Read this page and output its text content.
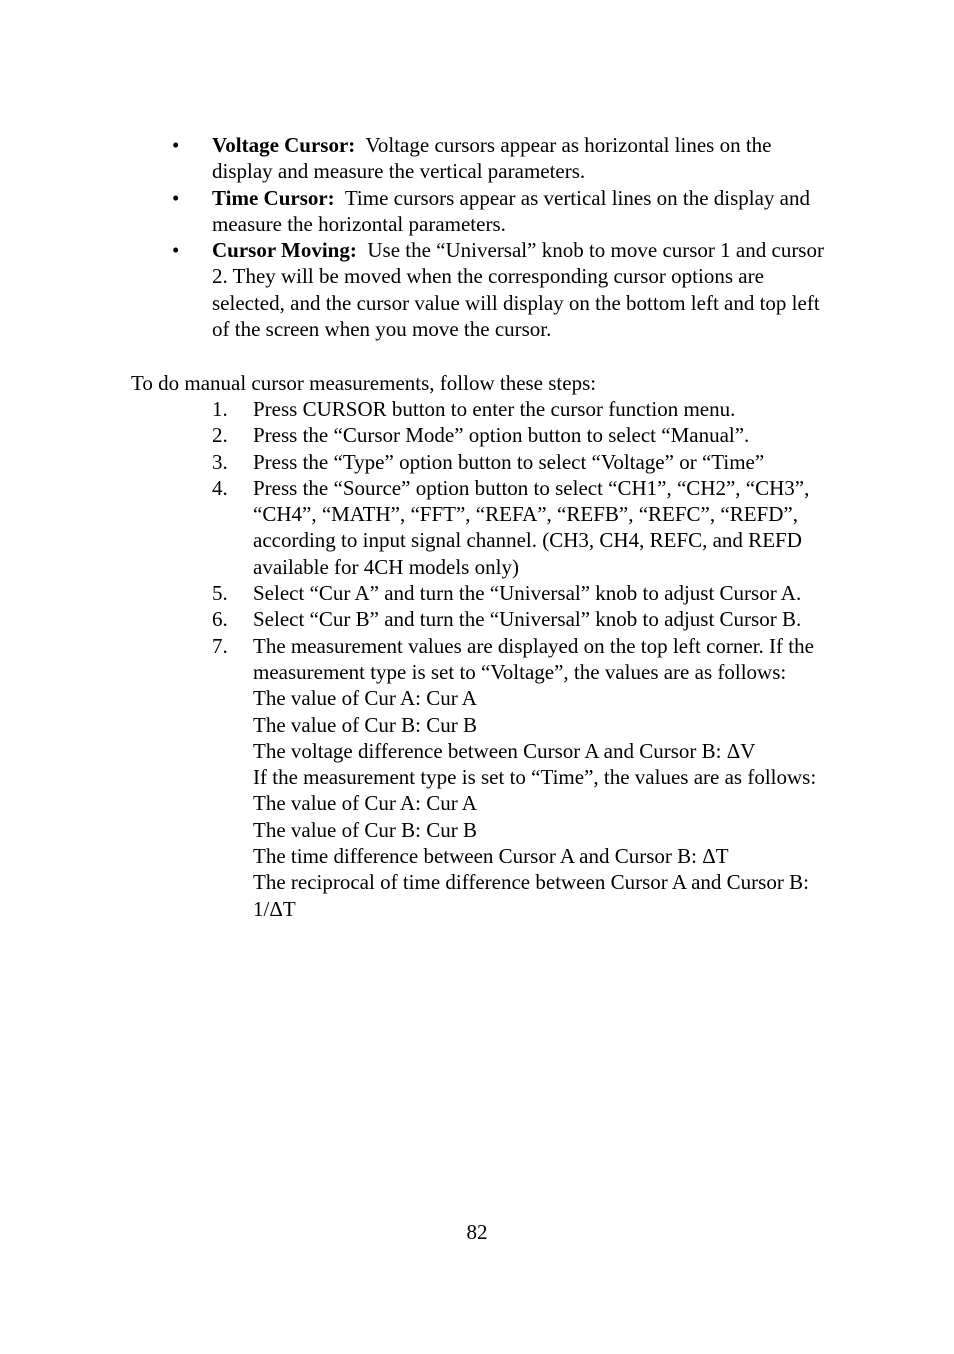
• Voltage Cursor: Voltage cursors appear as horizontal lines on the display and measure the vertical parameters.
• Time Cursor: Time cursors appear as vertical lines on the display and measure the horizontal parameters.
• Cursor Moving: Use the “Universal” knob to move cursor 1 and cursor 2. They will be moved when the corresponding cursor options are selected, and the cursor value will display on the bottom left and top left of the screen when you move the cursor.

To do manual cursor measurements, follow these steps:

1. Press CURSOR button to enter the cursor function menu.
2. Press the “Cursor Mode” option button to select “Manual”.
3. Press the “Type” option button to select “Voltage” or “Time”
4. Press the “Source” option button to select “CH1”, “CH2”, “CH3”, “CH4”, “MATH”, “FFT”, “REFA”, “REFB”, “REFC”, “REFD”, according to input signal channel. (CH3, CH4, REFC, and REFD available for 4CH models only)
5. Select “Cur A” and turn the “Universal” knob to adjust Cursor A.
6. Select “Cur B” and turn the “Universal” knob to adjust Cursor B.
7. The measurement values are displayed on the top left corner. If the measurement type is set to “Voltage”, the values are as follows:
The value of Cur A: Cur A
The value of Cur B: Cur B
The voltage difference between Cursor A and Cursor B: ΔV
If the measurement type is set to “Time”, the values are as follows:
The value of Cur A: Cur A
The value of Cur B: Cur B
The time difference between Cursor A and Cursor B: ΔT
The reciprocal of time difference between Cursor A and Cursor B: 1/ΔT
82
